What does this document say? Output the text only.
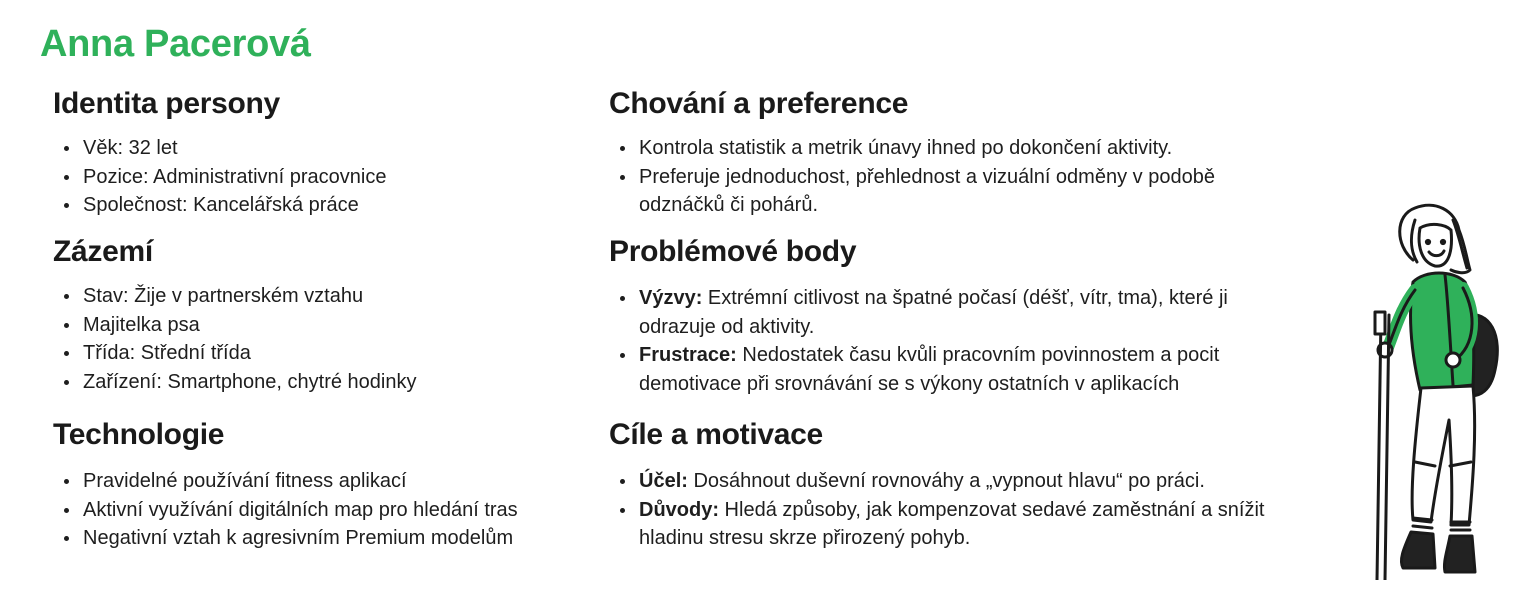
Anna Pacerová
Identita persony
Věk: 32 let
Pozice: Administrativní pracovnice
Společnost: Kancelářská práce
Zázemí
Stav: Žije v partnerském vztahu
Majitelka psa
Třída: Střední třída
Zařízení: Smartphone, chytré hodinky
Technologie
Pravidelné používání fitness aplikací
Aktivní využívání digitálních map pro hledání tras
Negativní vztah k agresivním Premium modelům
Chování a preference
Kontrola statistik a metrik únavy ihned po dokončení aktivity.
Preferuje jednoduchost, přehlednost a vizuální odměny v podobě odznáčků či pohárů.
Problémové body
Výzvy: Extrémní citlivost na špatné počasí (déšť, vítr, tma), které ji odrazuje od aktivity.
Frustrace: Nedostatek času kvůli pracovním povinnostem a pocit demotivace při srovnávání se s výkony ostatních v aplikacích
Cíle a motivace
Účel: Dosáhnout duševní rovnováhy a „vypnout hlavu“ po práci.
Důvody: Hledá způsoby, jak kompenzovat sedavé zaměstnání a snížit hladinu stresu skrze přirozený pohyb.
